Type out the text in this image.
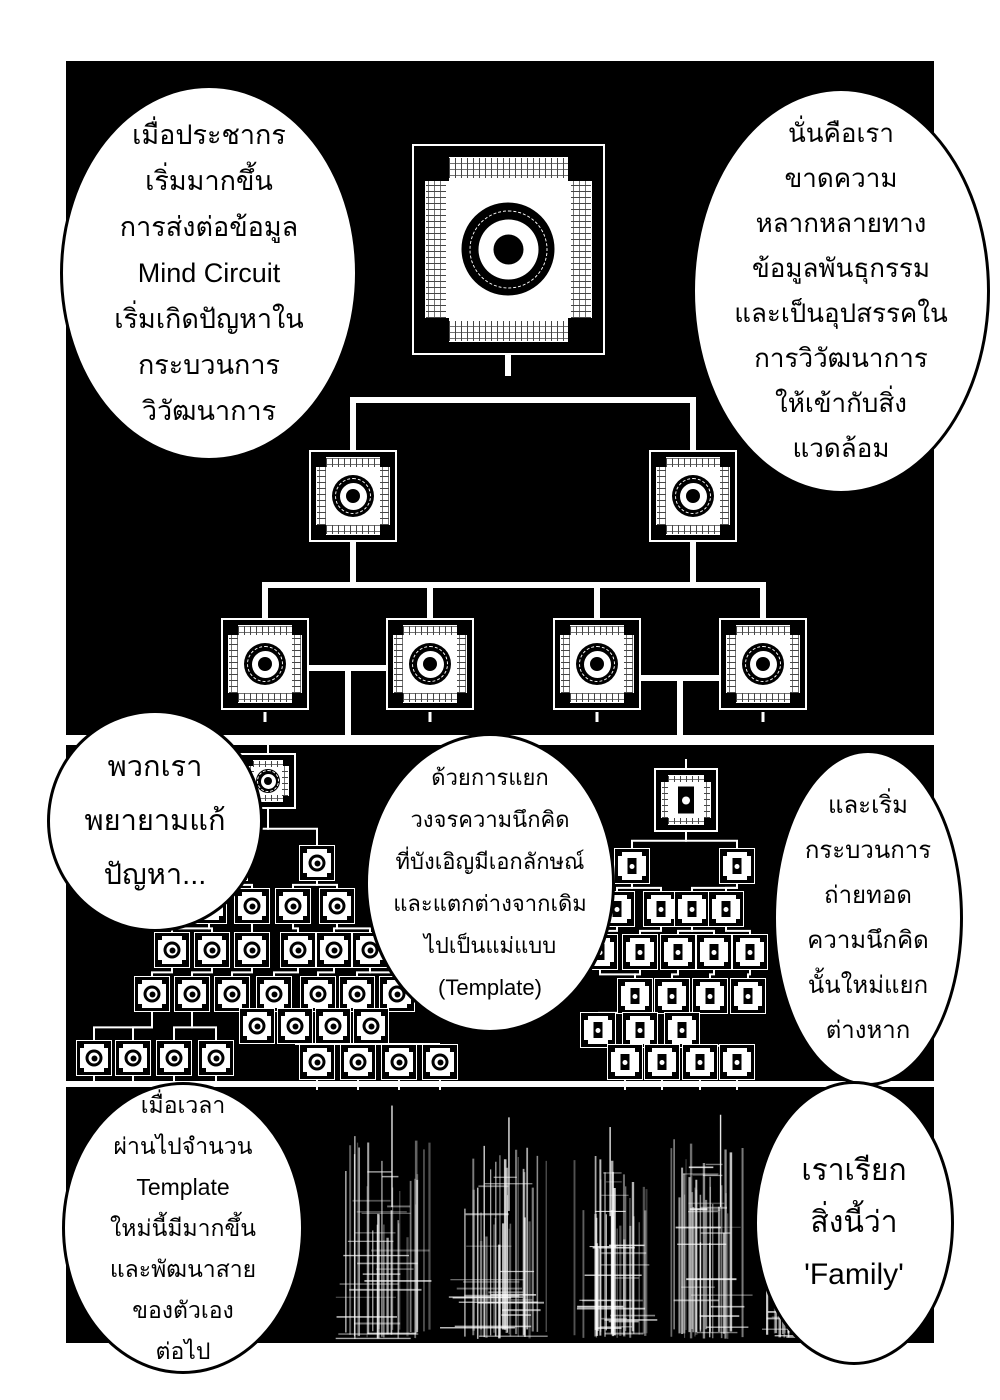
เมื่อประชากร
เริ่มมากขึ้น
การส่งต่อข้อมูล
Mind Circuit
เริ่มเกิดปัญหาใน
กระบวนการ
วิวัฒนาการ
นั่นคือเรา
ขาดความ
หลากหลายทาง
ข้อมูลพันธุกรรม
และเป็นอุปสรรคใน
การวิวัฒนาการ
ให้เข้ากับสิ่ง
แวดล้อม
พวกเรา
พยายามแก้
ปัญหา...
ด้วยการแยก
วงจรความนึกคิด
ที่บังเอิญมีเอกลักษณ์
และแตกต่างจากเดิม
ไปเป็นแม่แบบ
(Template)
และเริ่ม
กระบวนการ
ถ่ายทอด
ความนึกคิด
นั้นใหม่แยก
ต่างหาก
เมื่อเวลา
ผ่านไปจำนวน
Template
ใหม่นี้มีมากขึ้น
และพัฒนาสาย
ของตัวเอง
ต่อไป
เราเรียก
สิ่งนี้ว่า
'Family'
